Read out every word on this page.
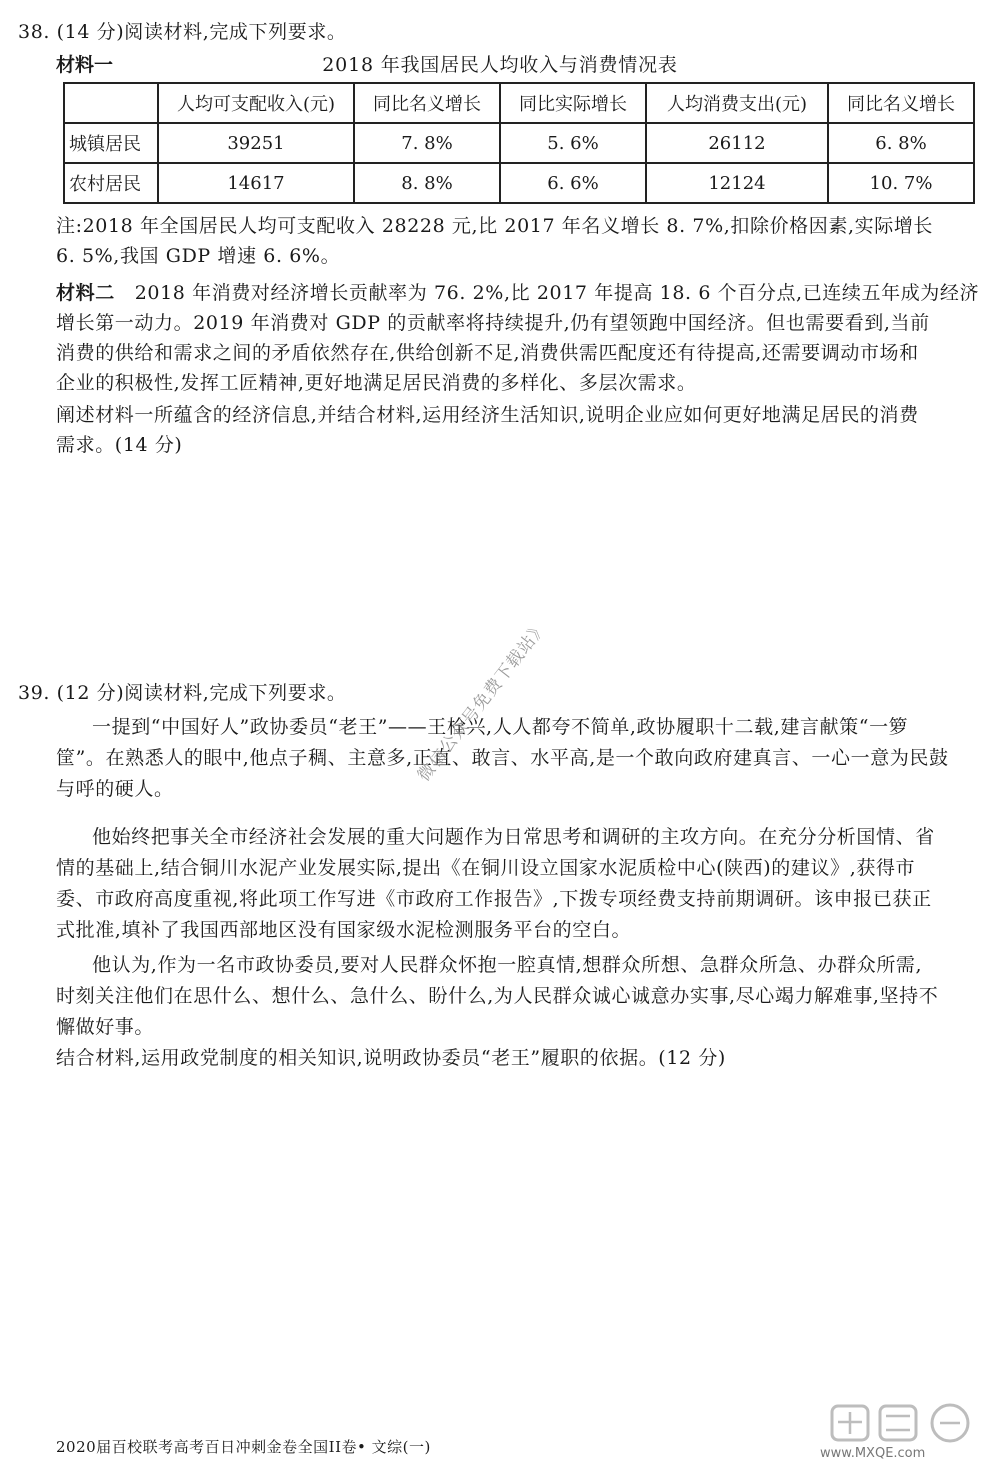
38. (14 分)阅读材料,完成下列要求。
材料一	2018 年我国居民人均收入与消费情况表
	人均可支配收入(元)	同比名义增长	同比实际增长	人均消费支出(元)	同比名义增长
城镇居民	39251	7. 8%	5. 6%	26112	6. 8%
农村居民	14617	8. 8%	6. 6%	12124	10. 7%
注:2018 年全国居民人均可支配收入 28228 元,比 2017 年名义增长 8. 7%,扣除价格因素,实际增长
6. 5%,我国 GDP 增速 6. 6%。
材料二 2018 年消费对经济增长贡献率为 76. 2%,比 2017 年提高 18. 6 个百分点,已连续五年成为经济
增长第一动力。2019 年消费对 GDP 的贡献率将持续提升,仍有望领跑中国经济。但也需要看到,当前
消费的供给和需求之间的矛盾依然存在,供给创新不足,消费供需匹配度还有待提高,还需要调动市场和
企业的积极性,发挥工匠精神,更好地满足居民消费的多样化、多层次需求。
阐述材料一所蕴含的经济信息,并结合材料,运用经济生活知识,说明企业应如何更好地满足居民的消费
需求。(14 分)
39. (12 分)阅读材料,完成下列要求。
一提到“中国好人”政协委员“老王”——王栓兴,人人都夸不简单,政协履职十二载,建言献策“一箩
筐”。在熟悉人的眼中,他点子稠、主意多,正直、敢言、水平高,是一个敢向政府建真言、一心一意为民鼓
与呼的硬人。
他始终把事关全市经济社会发展的重大问题作为日常思考和调研的主攻方向。在充分分析国情、省
情的基础上,结合铜川水泥产业发展实际,提出《在铜川设立国家水泥质检中心(陕西)的建议》,获得市
委、市政府高度重视,将此项工作写进《市政府工作报告》,下拨专项经费支持前期调研。该申报已获正
式批准,填补了我国西部地区没有国家级水泥检测服务平台的空白。
他认为,作为一名市政协委员,要对人民群众怀抱一腔真情,想群众所想、急群众所急、办群众所需,
时刻关注他们在思什么、想什么、急什么、盼什么,为人民群众诚心诚意办实事,尽心竭力解难事,坚持不
懈做好事。
结合材料,运用政党制度的相关知识,说明政协委员“老王”履职的依据。(12 分)
微信公众号免费下载站》
2020届百校联考高考百日冲刺金卷全国II卷• 文综(一)	www.MXQE.com
